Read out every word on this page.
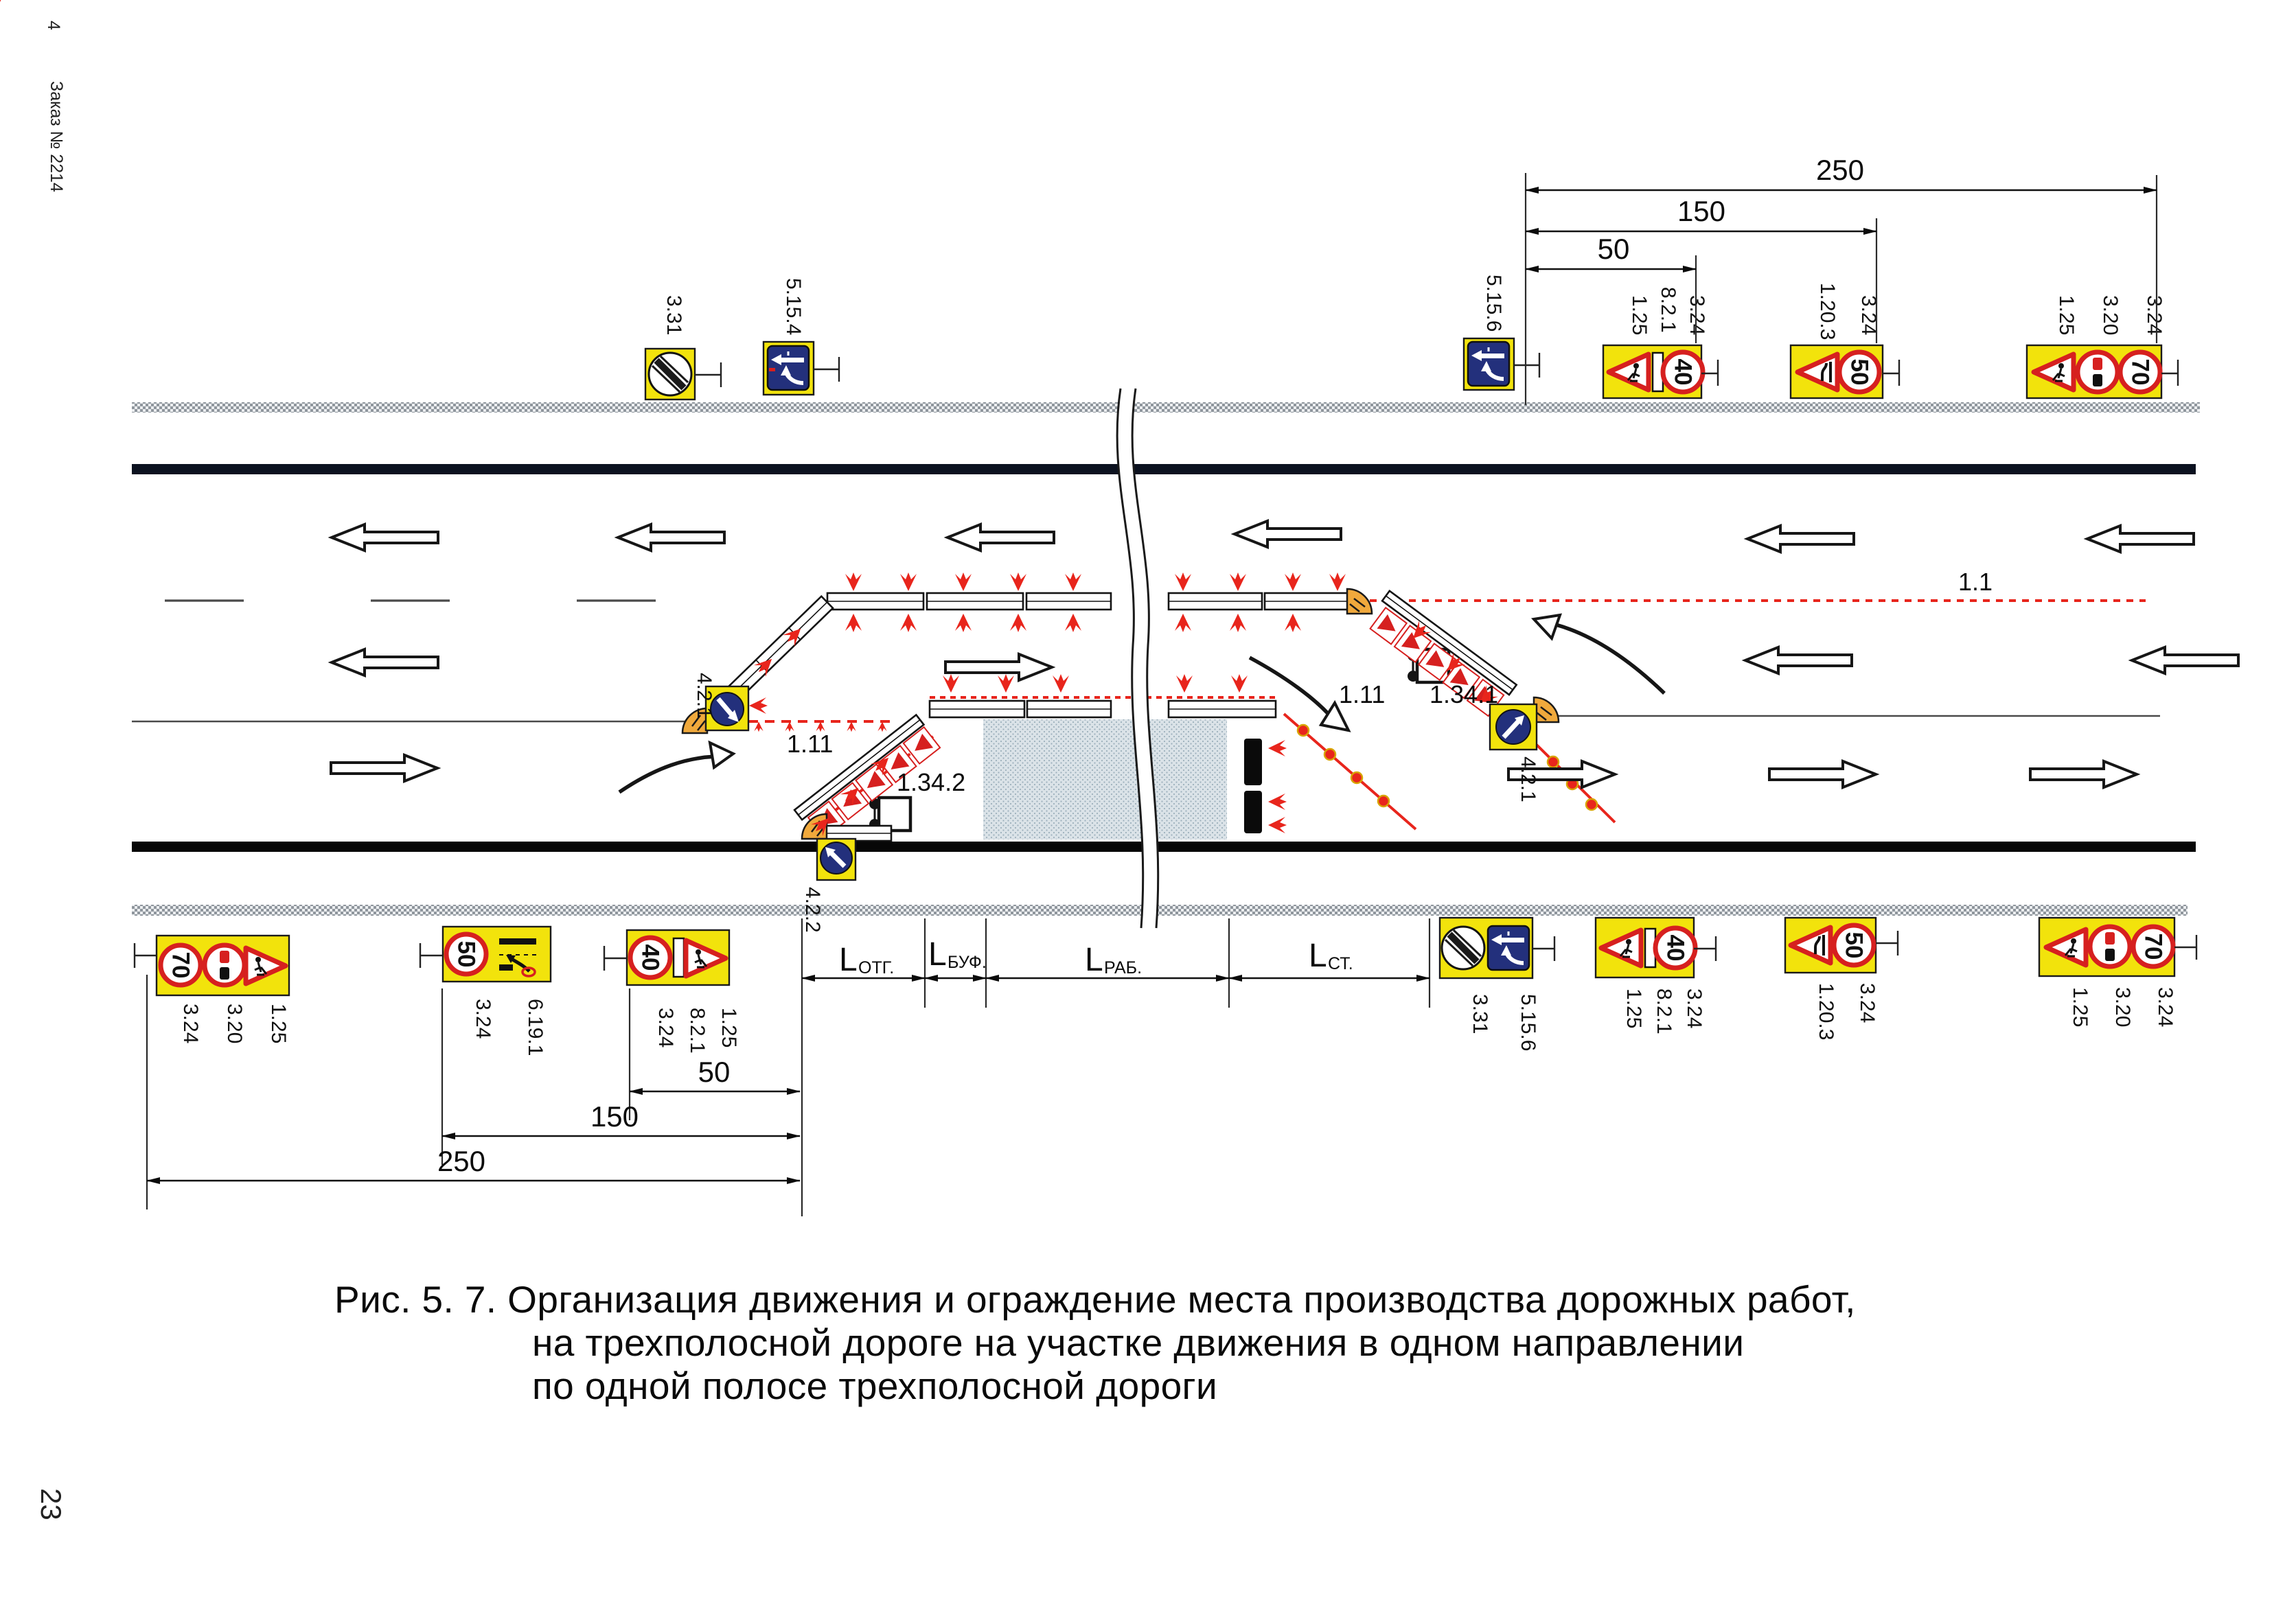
1.11
1.11 1.34.1
1.34.2
1.1
4.2.1
4.2.1
4.2.2
3.31	5.15.4	5.15.6
40
1.25 8.2.1 3.24
50
1.20.3 3.24
70
1.25 3.20 3.24
70
3.24 3.20 1.25
50
3.24 6.19.1
40
3.24 8.2.1 1.25	3.31 5.15.6
40
1.25 8.2.1 3.24
50
1.20.3 3.24
70
1.25 3.20 3.24
250
150
50
L ОТГ. L БУФ.	L РАБ.	L СТ.
50
150
250
Рис. 5. 7. Организация движения и ограждение места производства дорожных работ,
на трехполосной дороге на участке движения в одном направлении
по одной полосе трехполосной дороги
4
Заказ № 2214
23
